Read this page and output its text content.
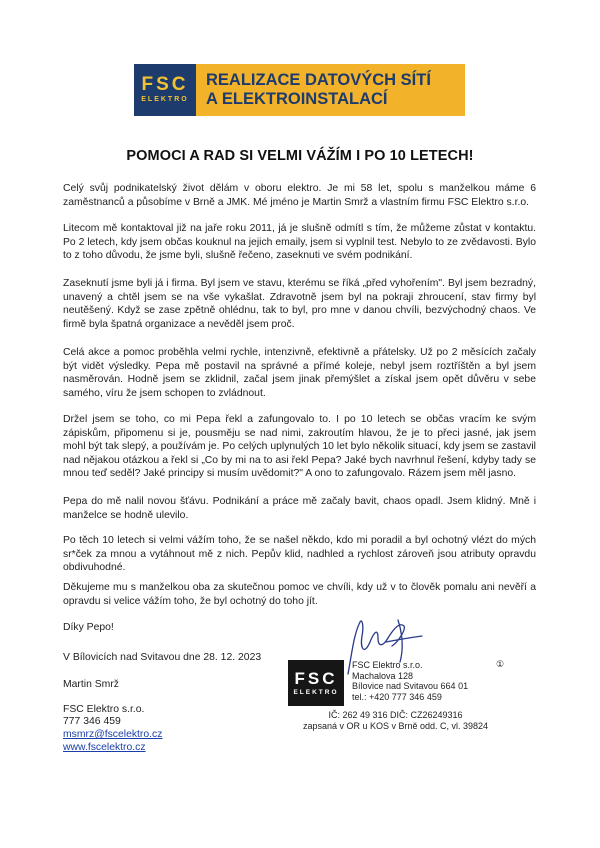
FSC
ELEKTRO
REALIZACE DATOVÝCH SÍTÍ
A ELEKTROINSTALACÍ
POMOCI A RAD SI VELMI VÁŽÍM I PO 10 LETECH!
Celý svůj podnikatelský život dělám v oboru elektro. Je mi 58 let, spolu s manželkou máme 6 zaměstnanců a působíme v Brně a JMK. Mé jméno je Martin Smrž a vlastním firmu FSC Elektro s.r.o.
Litecom mě kontaktoval již na jaře roku 2011, já je slušně odmítl s tím, že můžeme zůstat v kontaktu. Po 2 letech, kdy jsem občas kouknul na jejich emaily, jsem si vyplnil test. Nebylo to ze zvědavosti. Bylo to z toho důvodu, že jsme byli, slušně řečeno, zaseknuti ve svém podnikání.
Zaseknutí jsme byli já i firma. Byl jsem ve stavu, kterému se říká „před vyhořením". Byl jsem bezradný, unavený a chtěl jsem se na vše vykašlat. Zdravotně jsem byl na pokraji zhroucení, stav firmy byl neutěšený. Když se zase zpětně ohlédnu, tak to byl, pro mne v danou chvíli, bezvýchodný chaos. Ve firmě byla špatná organizace a nevěděl jsem proč.
Celá akce a pomoc proběhla velmi rychle, intenzivně, efektivně a přátelsky. Už po 2 měsících začaly být vidět výsledky. Pepa mě postavil na správné a přímé koleje, nebyl jsem roztříštěn a byl jsem nasměrován. Hodně jsem se zklidnil, začal jsem jinak přemýšlet a získal jsem opět důvěru v sebe samého, víru že jsem schopen to zvládnout.
Držel jsem se toho, co mi Pepa řekl a zafungovalo to. I po 10 letech se občas vracím ke svým zápiskům, připomenu si je, pousměju se nad nimi, zakroutím hlavou, že je to přeci jasné, jak jsem mohl být tak slepý, a používám je. Po celých uplynulých 10 let bylo několik situací, kdy jsem se zastavil nad nějakou otázkou a řekl si „Co by mi na to asi řekl Pepa? Jaké bych navrhnul řešení, kdyby tady se mnou teď seděl? Jaké principy si musím uvědomit?" A ono to zafungovalo. Rázem jsem měl jasno.
Pepa do mě nalil novou šťávu. Podnikání a práce mě začaly bavit, chaos opadl. Jsem klidný. Mně i manželce se hodně ulevilo.
Po těch 10 letech si velmi vážím toho, že se našel někdo, kdo mi poradil a byl ochotný vlézt do mých sr*ček za mnou a vytáhnout mě z nich. Pepův klid, nadhled a rychlost zároveň jsou atributy opravdu obdivuhodné.
Děkujeme mu s manželkou oba za skutečnou pomoc ve chvíli, kdy už v to člověk pomalu ani nevěří a opravdu si velice vážím toho, že byl ochotný do toho jít.
Díky Pepo!
V Bílovicích nad Svitavou dne 28. 12. 2023
Martin Smrž
FSC Elektro s.r.o.
777 346 459
msmrz@fscelektro.cz
www.fscelektro.cz
FSC
ELEKTRO
①
FSC Elektro s.r.o.
Machalova 128
Bílovice nad Svitavou 664 01
tel.: +420 777 346 459
IČ: 262 49 316 DIČ: CZ26249316
zapsaná v OR u KOS v Brně odd. C, vl. 39824
